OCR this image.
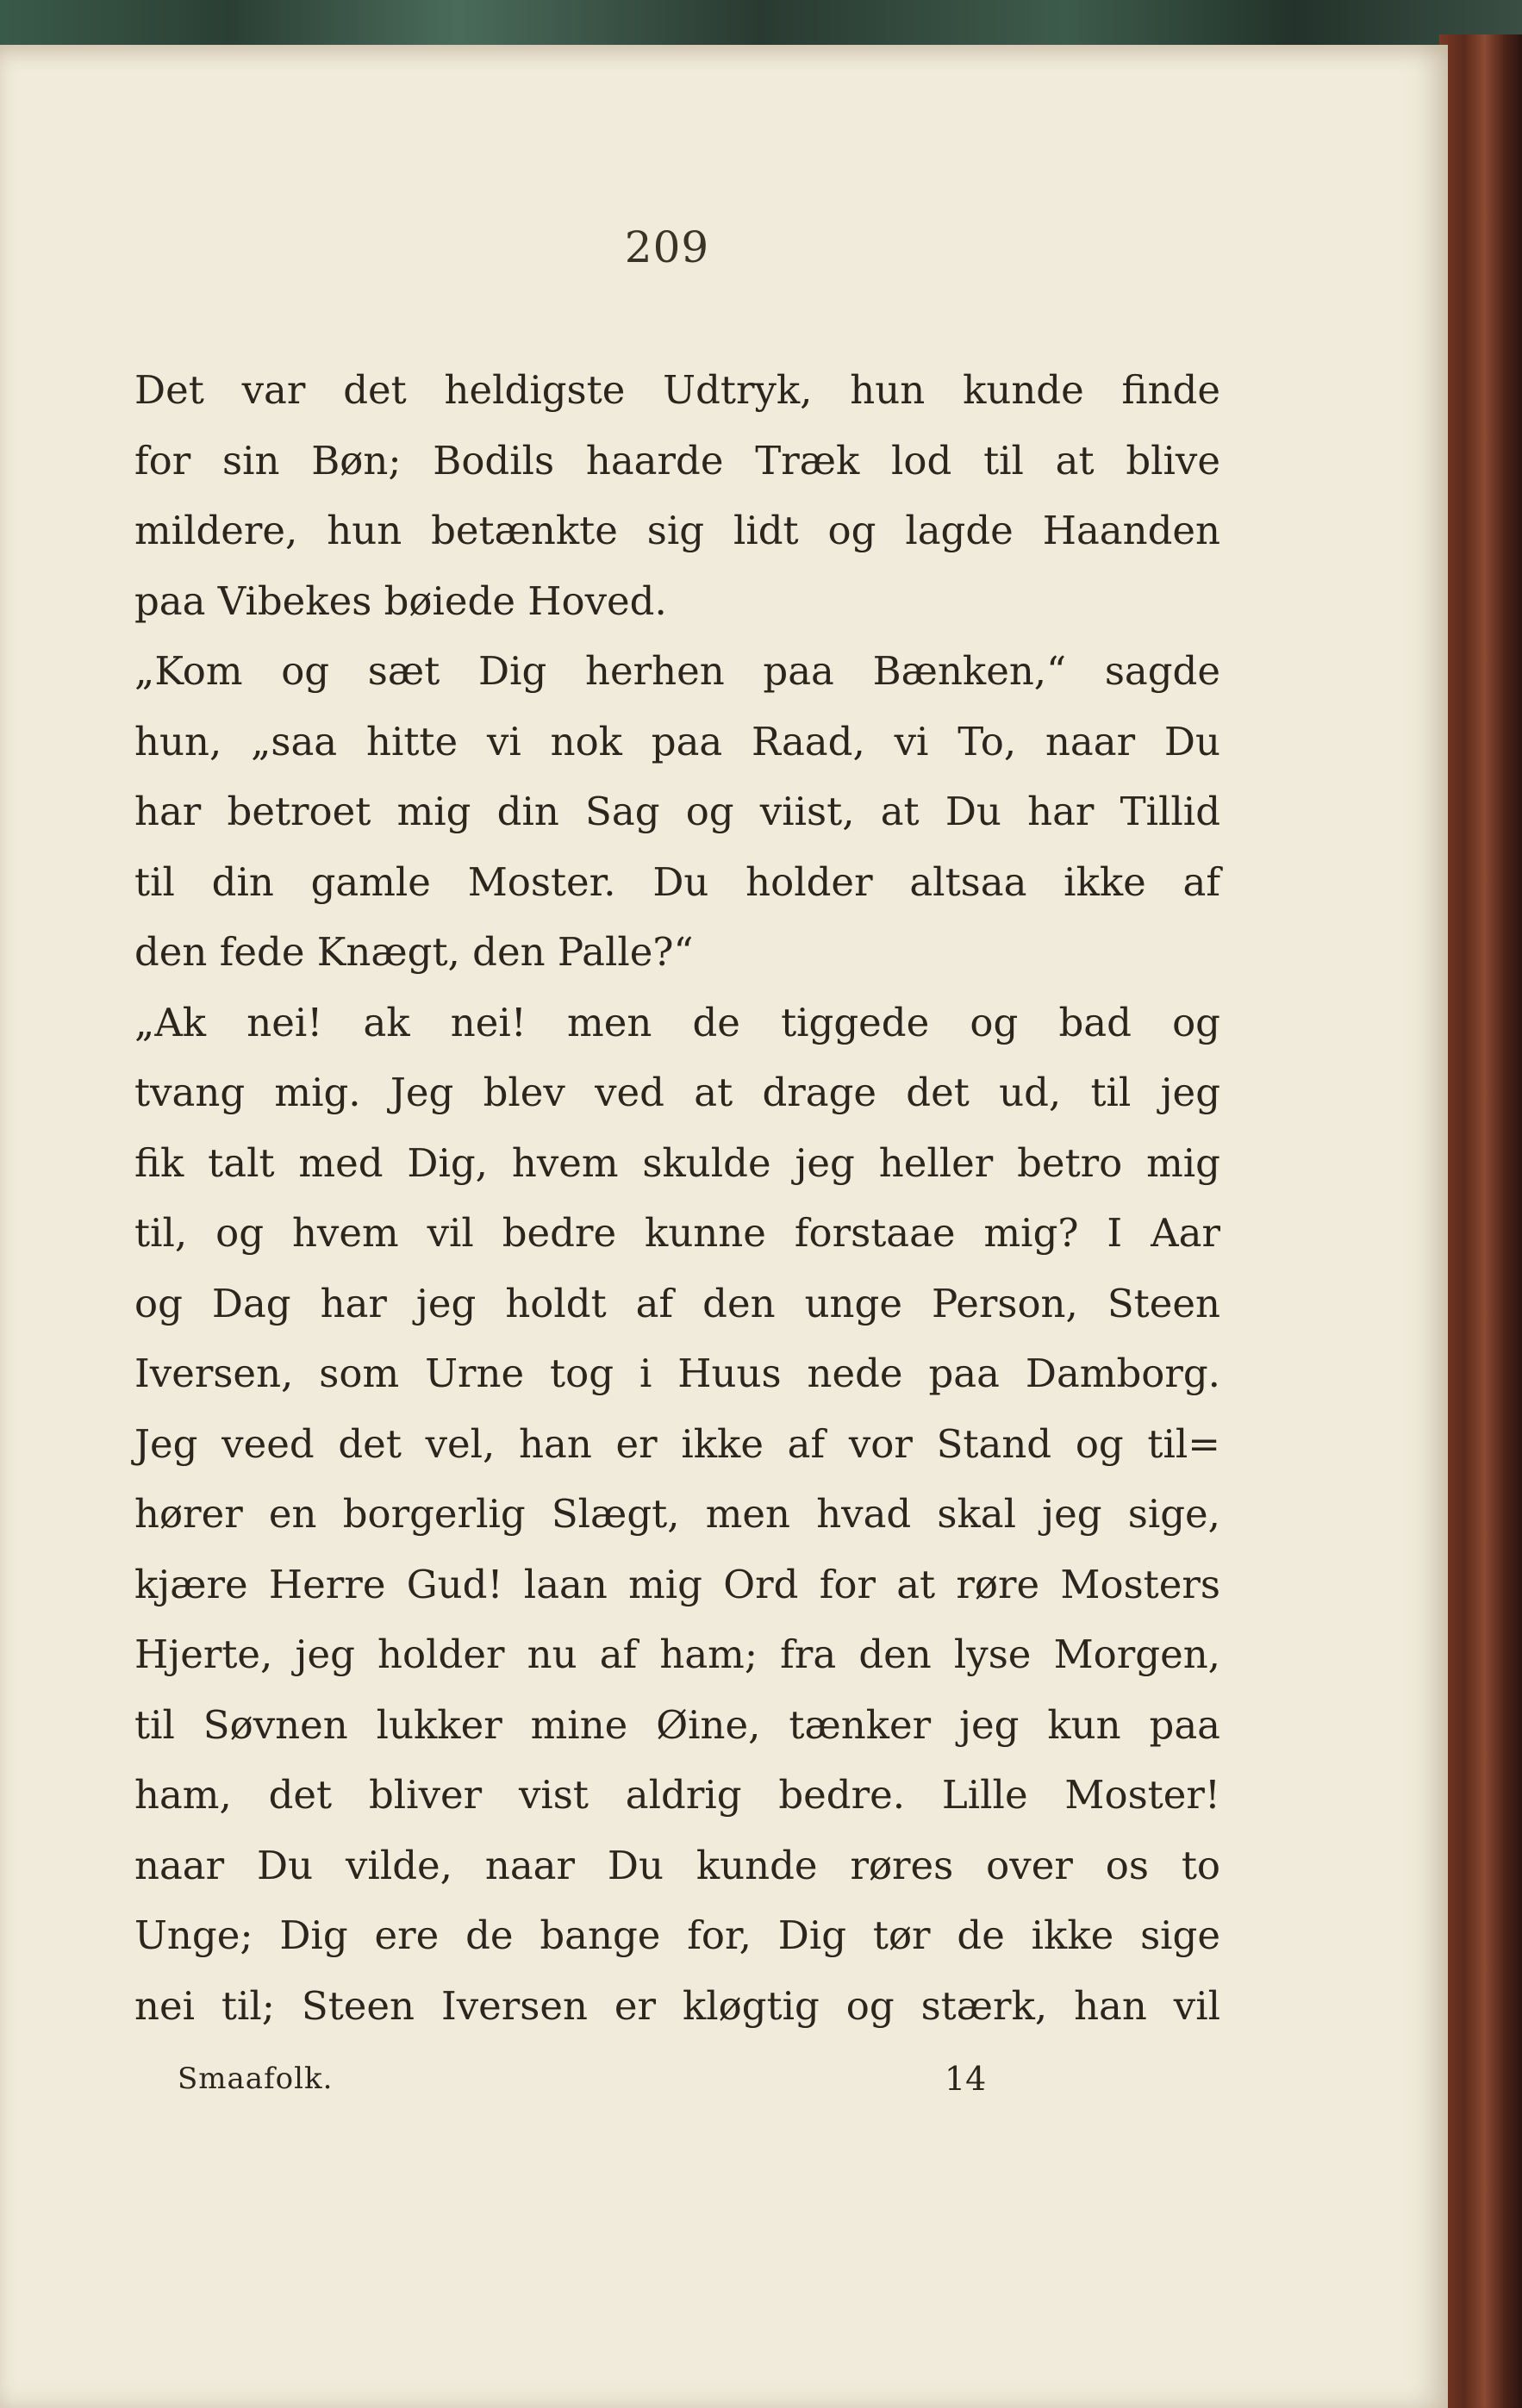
209
Det var det heldigste Udtryk, hun kunde finde
for sin Bøn; Bodils haarde Træk lod til at blive
mildere, hun betænkte sig lidt og lagde Haanden
paa Vibekes bøiede Hoved.
„Kom og sæt Dig herhen paa Bænken,“ sagde
hun, „saa hitte vi nok paa Raad, vi To, naar Du
har betroet mig din Sag og viist, at Du har Tillid
til din gamle Moster. Du holder altsaa ikke af
den fede Knægt, den Palle?“
„Ak nei! ak nei! men de tiggede og bad og
tvang mig. Jeg blev ved at drage det ud, til jeg
fik talt med Dig, hvem skulde jeg heller betro mig
til, og hvem vil bedre kunne forstaae mig? I Aar
og Dag har jeg holdt af den unge Person, Steen
Iversen, som Urne tog i Huus nede paa Damborg.
Jeg veed det vel, han er ikke af vor Stand og til=
hører en borgerlig Slægt, men hvad skal jeg sige,
kjære Herre Gud! laan mig Ord for at røre Mosters
Hjerte, jeg holder nu af ham; fra den lyse Morgen,
til Søvnen lukker mine Øine, tænker jeg kun paa
ham, det bliver vist aldrig bedre. Lille Moster!
naar Du vilde, naar Du kunde røres over os to
Unge; Dig ere de bange for, Dig tør de ikke sige
nei til; Steen Iversen er kløgtig og stærk, han vil
Smaafolk.	14
